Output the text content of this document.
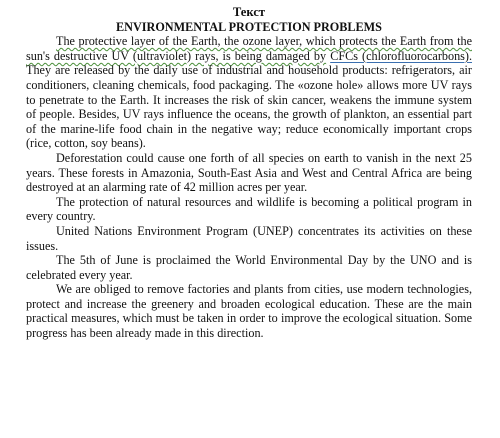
Текст

ENVIRONMENTAL PROTECTION PROBLEMS

The protective layer of the Earth, the ozone layer, which protects the Earth from the sun's destructive UV (ultraviolet) rays, is being damaged by CFCs (chlorofluorocarbons). They are released by the daily use of industrial and household products: refrigerators, air conditioners, cleaning chemicals, food packaging. The «ozone hole» allows more UV rays to penetrate to the Earth. It increases the risk of skin cancer, weakens the immune system of people. Besides, UV rays influence the oceans, the growth of plankton, an essential part of the marine-life food chain in the negative way; reduce economically important crops (rice, cotton, soy beans).

Deforestation could cause one forth of all species on earth to vanish in the next 25 years. These forests in Amazonia, South-East Asia and West and Central Africa are being destroyed at an alarming rate of 42 million acres per year.

The protection of natural resources and wildlife is becoming a political program in every country.

United Nations Environment Program (UNEP) concentrates its activities on these issues.

The 5th of June is proclaimed the World Environmental Day by the UNO and is celebrated every year.

We are obliged to remove factories and plants from cities, use modern technologies, protect and increase the greenery and broaden ecological education. These are the main practical measures, which must be taken in order to improve the ecological situation. Some progress has been already made in this direction.
